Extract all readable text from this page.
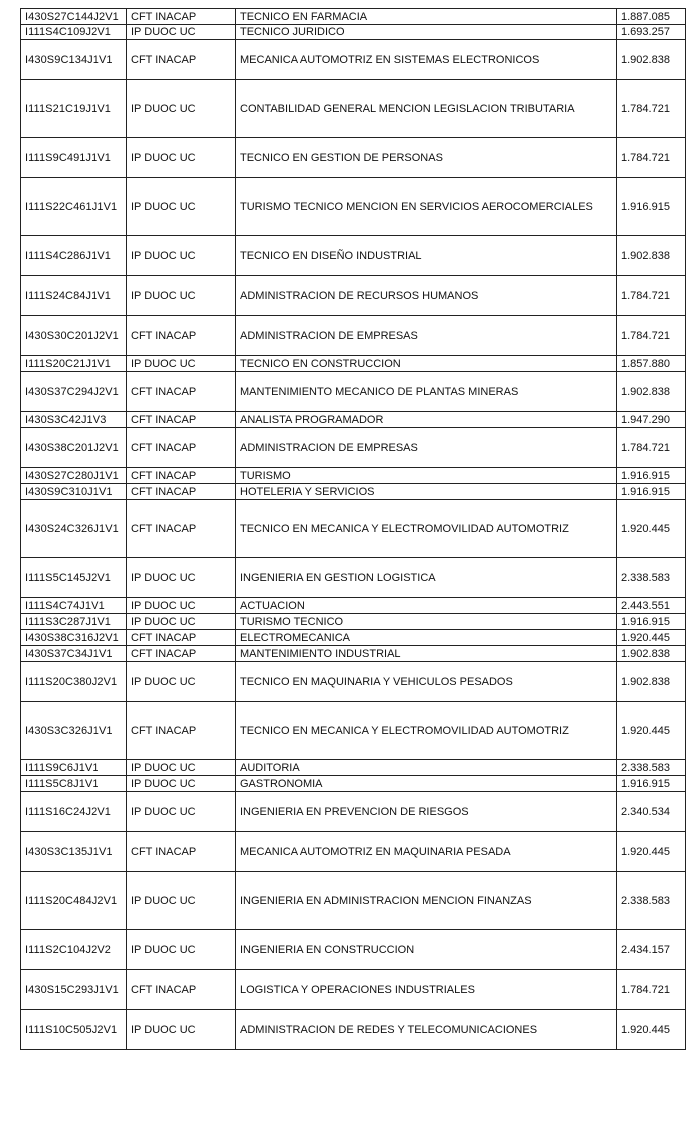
I430S27C144J2V1	CFT INACAP	TECNICO EN FARMACIA	1.887.085
I111S4C109J2V1	IP DUOC UC	TECNICO JURIDICO	1.693.257
I430S9C134J1V1	CFT INACAP	MECANICA AUTOMOTRIZ EN SISTEMAS ELECTRONICOS	1.902.838
I111S21C19J1V1	IP DUOC UC	CONTABILIDAD GENERAL MENCION LEGISLACION TRIBUTARIA	1.784.721
I111S9C491J1V1	IP DUOC UC	TECNICO EN GESTION DE PERSONAS	1.784.721
I111S22C461J1V1	IP DUOC UC	TURISMO TECNICO MENCION EN SERVICIOS AEROCOMERCIALES	1.916.915
I111S4C286J1V1	IP DUOC UC	TECNICO EN DISEÑO INDUSTRIAL	1.902.838
I111S24C84J1V1	IP DUOC UC	ADMINISTRACION DE RECURSOS HUMANOS	1.784.721
I430S30C201J2V1	CFT INACAP	ADMINISTRACION DE EMPRESAS	1.784.721
I111S20C21J1V1	IP DUOC UC	TECNICO EN CONSTRUCCION	1.857.880
I430S37C294J2V1	CFT INACAP	MANTENIMIENTO MECANICO DE PLANTAS MINERAS	1.902.838
I430S3C42J1V3	CFT INACAP	ANALISTA PROGRAMADOR	1.947.290
I430S38C201J2V1	CFT INACAP	ADMINISTRACION DE EMPRESAS	1.784.721
I430S27C280J1V1	CFT INACAP	TURISMO	1.916.915
I430S9C310J1V1	CFT INACAP	HOTELERIA Y SERVICIOS	1.916.915
I430S24C326J1V1	CFT INACAP	TECNICO EN MECANICA Y ELECTROMOVILIDAD AUTOMOTRIZ	1.920.445
I111S5C145J2V1	IP DUOC UC	INGENIERIA EN GESTION LOGISTICA	2.338.583
I111S4C74J1V1	IP DUOC UC	ACTUACION	2.443.551
I111S3C287J1V1	IP DUOC UC	TURISMO TECNICO	1.916.915
I430S38C316J2V1	CFT INACAP	ELECTROMECANICA	1.920.445
I430S37C34J1V1	CFT INACAP	MANTENIMIENTO INDUSTRIAL	1.902.838
I111S20C380J2V1	IP DUOC UC	TECNICO EN MAQUINARIA Y VEHICULOS PESADOS	1.902.838
I430S3C326J1V1	CFT INACAP	TECNICO EN MECANICA Y ELECTROMOVILIDAD AUTOMOTRIZ	1.920.445
I111S9C6J1V1	IP DUOC UC	AUDITORIA	2.338.583
I111S5C8J1V1	IP DUOC UC	GASTRONOMIA	1.916.915
I111S16C24J2V1	IP DUOC UC	INGENIERIA EN PREVENCION DE RIESGOS	2.340.534
I430S3C135J1V1	CFT INACAP	MECANICA AUTOMOTRIZ EN MAQUINARIA PESADA	1.920.445
I111S20C484J2V1	IP DUOC UC	INGENIERIA EN ADMINISTRACION MENCION FINANZAS	2.338.583
I111S2C104J2V2	IP DUOC UC	INGENIERIA EN CONSTRUCCION	2.434.157
I430S15C293J1V1	CFT INACAP	LOGISTICA Y OPERACIONES INDUSTRIALES	1.784.721
I111S10C505J2V1	IP DUOC UC	ADMINISTRACION DE REDES Y TELECOMUNICACIONES	1.920.445
